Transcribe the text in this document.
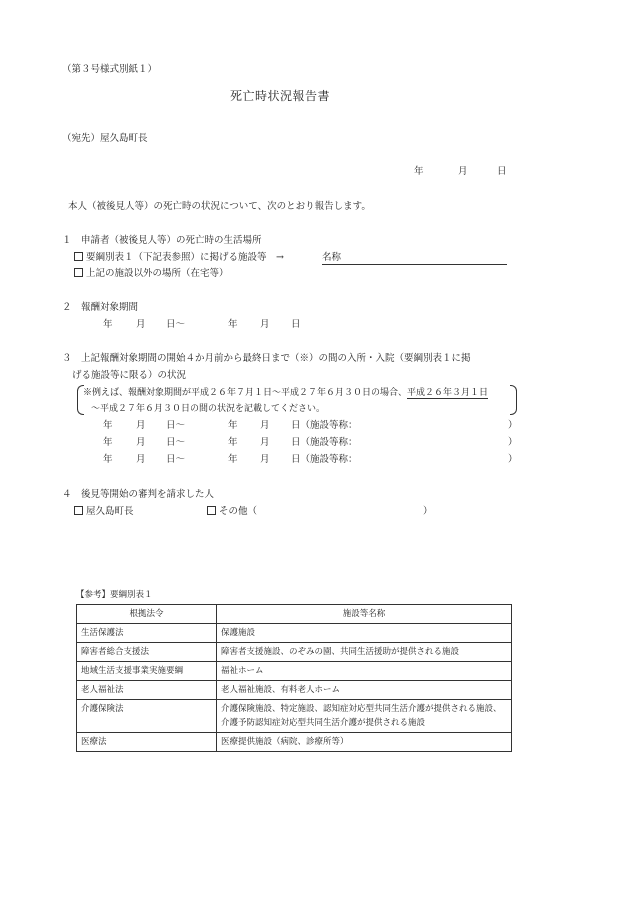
（第３号様式別紙１）
死亡時状況報告書
（宛先）屋久島町長
年	月	日
本人（被後見人等）の死亡時の状況について、次のとおり報告します。
１　申請者（被後見人等）の死亡時の生活場所
要綱別表１（下記表参照）に掲げる施設等　→	名称
上記の施設以外の場所（在宅等）
２　報酬対象期間
年 月 日～	年 月 日
３　上記報酬対象期間の開始４か月前から最終日まで（※）の間の入所・入院（要綱別表１に掲
げる施設等に限る）の状況
※例えば、報酬対象期間が平成２６年７月１日～平成２７年６月３０日の場合、平成２６年３月１日
～平成２７年６月３０日の間の状況を記載してください。
年 月 日～	年 月 日（施設等称：	）
年 月 日～	年 月 日（施設等称：	）
年 月 日～	年 月 日（施設等称：	）
４　後見等開始の審判を請求した人
屋久島町長	その他（	）
【参考】要綱別表１
根拠法令	施設等名称
生活保護法	保護施設
障害者総合支援法	障害者支援施設、のぞみの園、共同生活援助が提供される施設
地域生活支援事業実施要綱	福祉ホーム
老人福祉法	老人福祉施設、有料老人ホーム
介護保険法	介護保険施設、特定施設、認知症対応型共同生活介護が提供される施設、介護予防認知症対応型共同生活介護が提供される施設
医療法	医療提供施設（病院、診療所等）
